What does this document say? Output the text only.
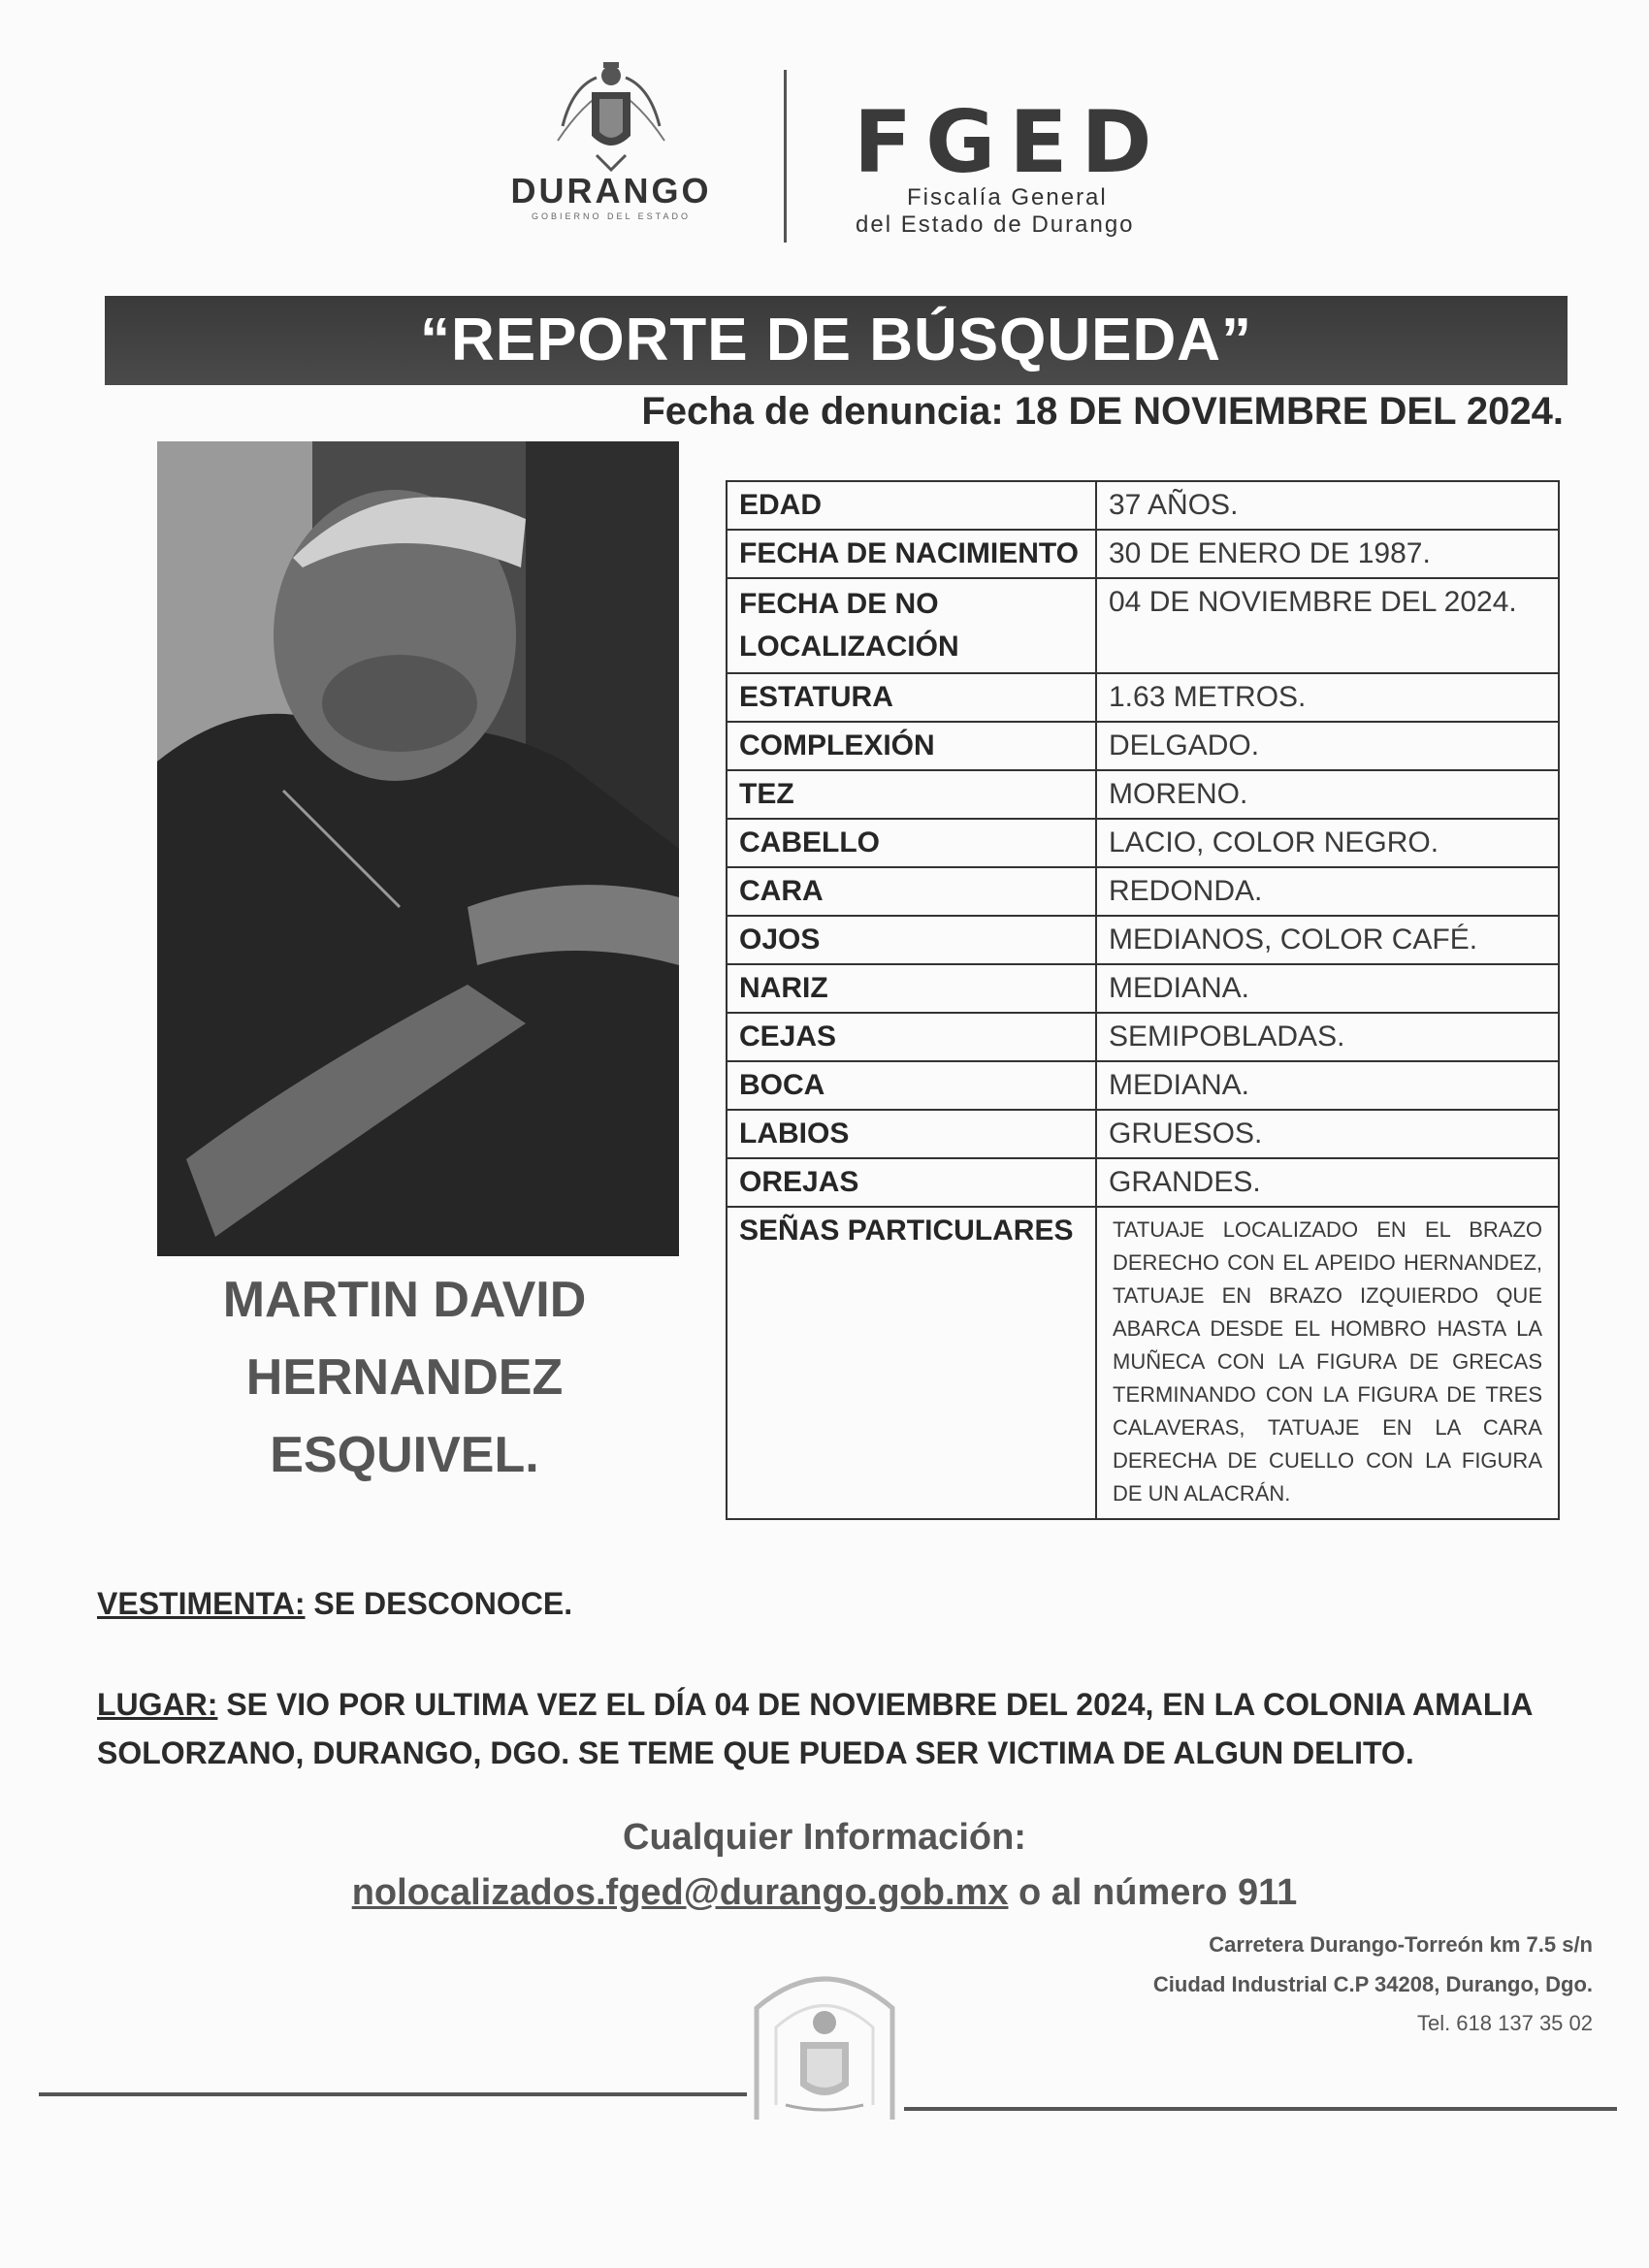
DURANGO
GOBIERNO DEL ESTADO
FGED
Fiscalía General
del Estado de Durango
“REPORTE DE BÚSQUEDA”
Fecha de denuncia: 18 DE NOVIEMBRE DEL 2024.
MARTIN DAVID
HERNANDEZ
ESQUIVEL.
EDAD	37 AÑOS.
FECHA DE NACIMIENTO	30 DE ENERO DE 1987.
FECHA DE NO LOCALIZACIÓN	04 DE NOVIEMBRE DEL 2024.
ESTATURA	1.63 METROS.
COMPLEXIÓN	DELGADO.
TEZ	MORENO.
CABELLO	LACIO, COLOR NEGRO.
CARA	REDONDA.
OJOS	MEDIANOS, COLOR CAFÉ.
NARIZ	MEDIANA.
CEJAS	SEMIPOBLADAS.
BOCA	MEDIANA.
LABIOS	GRUESOS.
OREJAS	GRANDES.
SEÑAS PARTICULARES	TATUAJE LOCALIZADO EN EL BRAZO DERECHO CON EL APEIDO HERNANDEZ, TATUAJE EN BRAZO IZQUIERDO QUE ABARCA DESDE EL HOMBRO HASTA LA MUÑECA CON LA FIGURA DE GRECAS TERMINANDO CON LA FIGURA DE TRES CALAVERAS, TATUAJE EN LA CARA DERECHA DE CUELLO CON LA FIGURA DE UN ALACRÁN.
VESTIMENTA: SE DESCONOCE.
LUGAR: SE VIO POR ULTIMA VEZ EL DÍA 04 DE NOVIEMBRE DEL 2024, EN LA COLONIA AMALIA SOLORZANO, DURANGO, DGO. SE TEME QUE PUEDA SER VICTIMA DE ALGUN DELITO.
Cualquier Información:
nolocalizados.fged@durango.gob.mx o al número 911
Carretera Durango-Torreón km 7.5 s/n
Ciudad Industrial C.P 34208, Durango, Dgo.
Tel. 618 137 35 02
